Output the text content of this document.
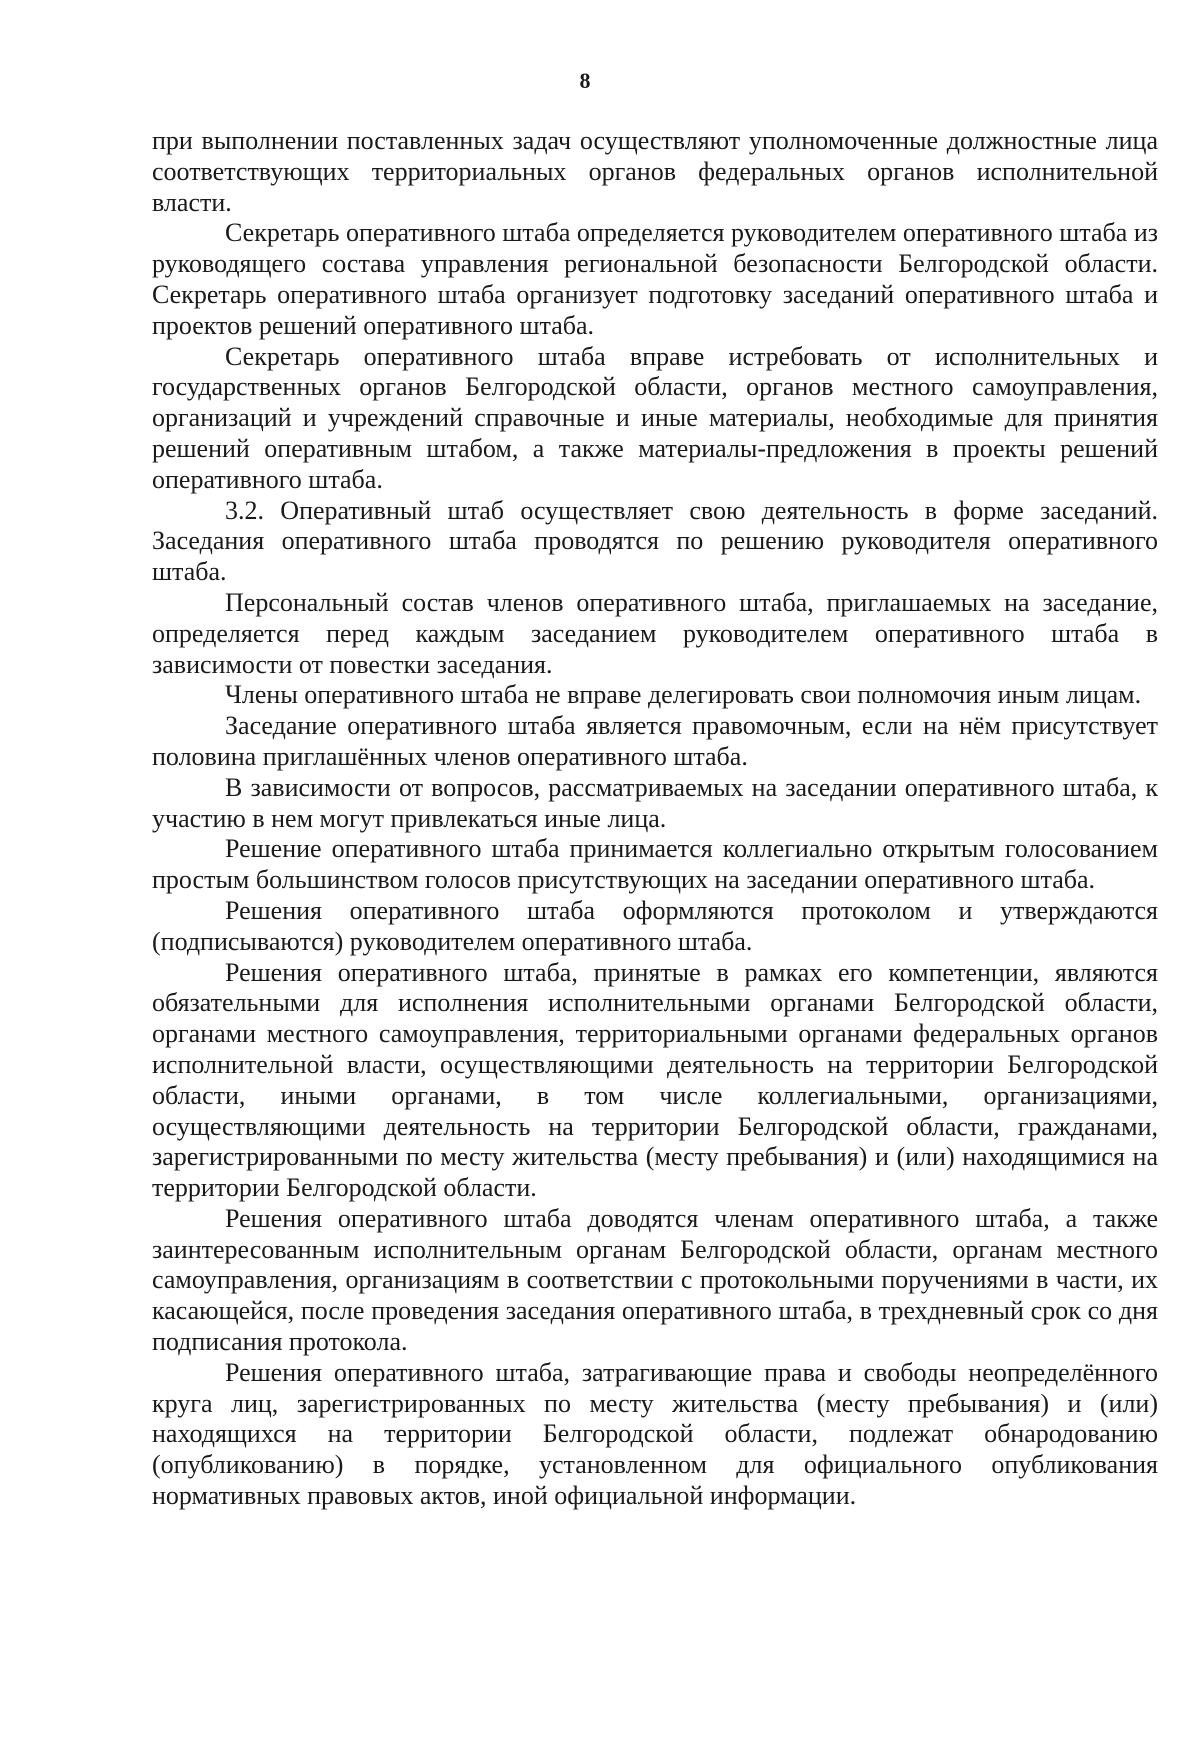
8

при выполнении поставленных задач осуществляют уполномоченные должностные лица соответствующих территориальных органов федеральных органов исполнительной власти.

Секретарь оперативного штаба определяется руководителем оперативного штаба из руководящего состава управления региональной безопасности Белгородской области. Секретарь оперативного штаба организует подготовку заседаний оперативного штаба и проектов решений оперативного штаба.

Секретарь оперативного штаба вправе истребовать от исполнительных и государственных органов Белгородской области, органов местного самоуправления, организаций и учреждений справочные и иные материалы, необходимые для принятия решений оперативным штабом, а также материалы-предложения в проекты решений оперативного штаба.

3.2. Оперативный штаб осуществляет свою деятельность в форме заседаний. Заседания оперативного штаба проводятся по решению руководителя оперативного штаба.

Персональный состав членов оперативного штаба, приглашаемых на заседание, определяется перед каждым заседанием руководителем оперативного штаба в зависимости от повестки заседания.

Члены оперативного штаба не вправе делегировать свои полномочия иным лицам.

Заседание оперативного штаба является правомочным, если на нём присутствует половина приглашённых членов оперативного штаба.

В зависимости от вопросов, рассматриваемых на заседании оперативного штаба, к участию в нем могут привлекаться иные лица.

Решение оперативного штаба принимается коллегиально открытым голосованием простым большинством голосов присутствующих на заседании оперативного штаба.

Решения оперативного штаба оформляются протоколом и утверждаются (подписываются) руководителем оперативного штаба.

Решения оперативного штаба, принятые в рамках его компетенции, являются обязательными для исполнения исполнительными органами Белгородской области, органами местного самоуправления, территориальными органами федеральных органов исполнительной власти, осуществляющими деятельность на территории Белгородской области, иными органами, в том числе коллегиальными, организациями, осуществляющими деятельность на территории Белгородской области, гражданами, зарегистрированными по месту жительства (месту пребывания) и (или) находящимися на территории Белгородской области.

Решения оперативного штаба доводятся членам оперативного штаба, а также заинтересованным исполнительным органам Белгородской области, органам местного самоуправления, организациям в соответствии с протокольными поручениями в части, их касающейся, после проведения заседания оперативного штаба, в трехдневный срок со дня подписания протокола.

Решения оперативного штаба, затрагивающие права и свободы неопределённого круга лиц, зарегистрированных по месту жительства (месту пребывания) и (или) находящихся на территории Белгородской области, подлежат обнародованию (опубликованию) в порядке, установленном для официального опубликования нормативных правовых актов, иной официальной информации.
